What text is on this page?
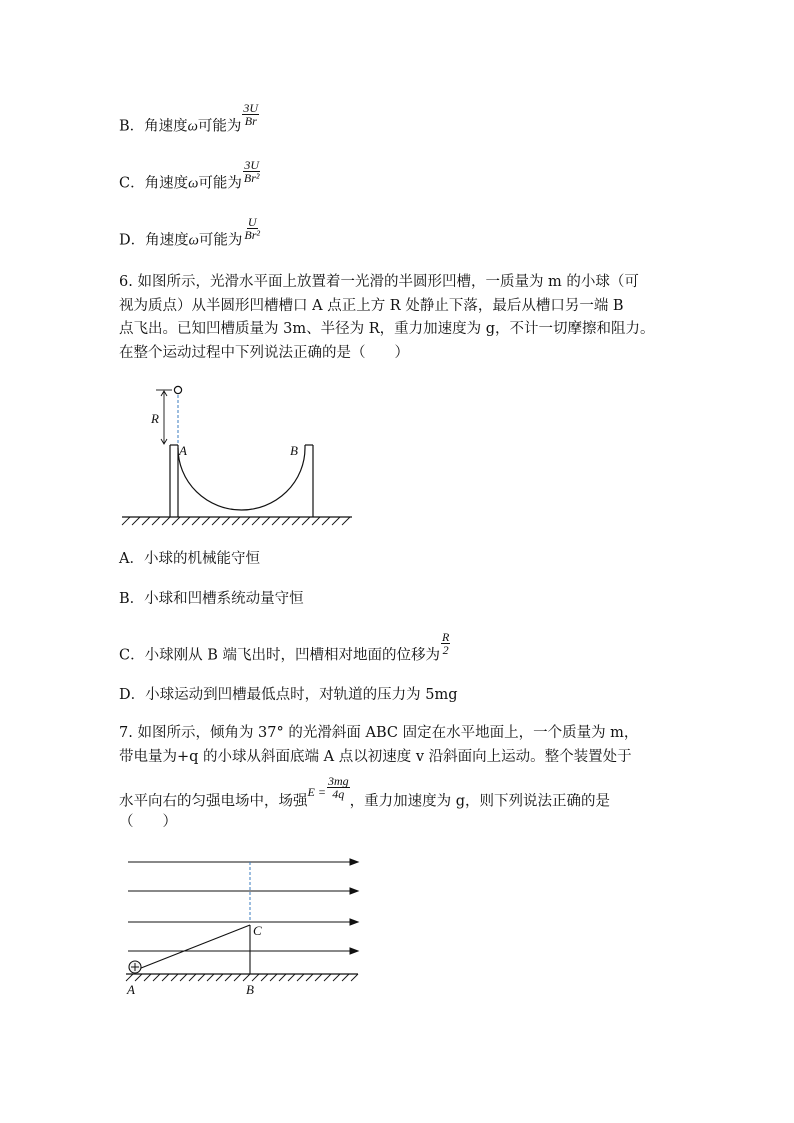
B．角速度ω可能为 $\frac{3U}{Br}$
C．角速度ω可能为 $\frac{3U}{\text{Br²}}$
D．角速度ω可能为 $\frac{U}{\text{Br²}}$
6. 如图所示，光滑水平面上放置着一光滑的半圆形凹槽，一质量为 m 的小球（可
视为质点）从半圆形凹槽槽口 A 点正上方 R 处静止下落，最后从槽口另一端 B
点飞出。已知凹槽质量为 3m、半径为 R，重力加速度为 g，不计一切摩擦和阻力。
在整个运动过程中下列说法正确的是（　　）
R
A	B
A．小球的机械能守恒
B．小球和凹槽系统动量守恒
C．小球刚从 B 端飞出时，凹槽相对地面的位移为 $\frac{R}{2}$
D．小球运动到凹槽最低点时，对轨道的压力为 5mg
7. 如图所示，倾角为 37° 的光滑斜面 ABC 固定在水平地面上，一个质量为 m，
带电量为+q 的小球从斜面底端 A 点以初速度 v 沿斜面向上运动。整个装置处于
水平向右的匀强电场中，场强$^{E =} \frac{3mg}{4q}$
，重力加速度为 g，则下列说法正确的是
（　　）
A	B
C
